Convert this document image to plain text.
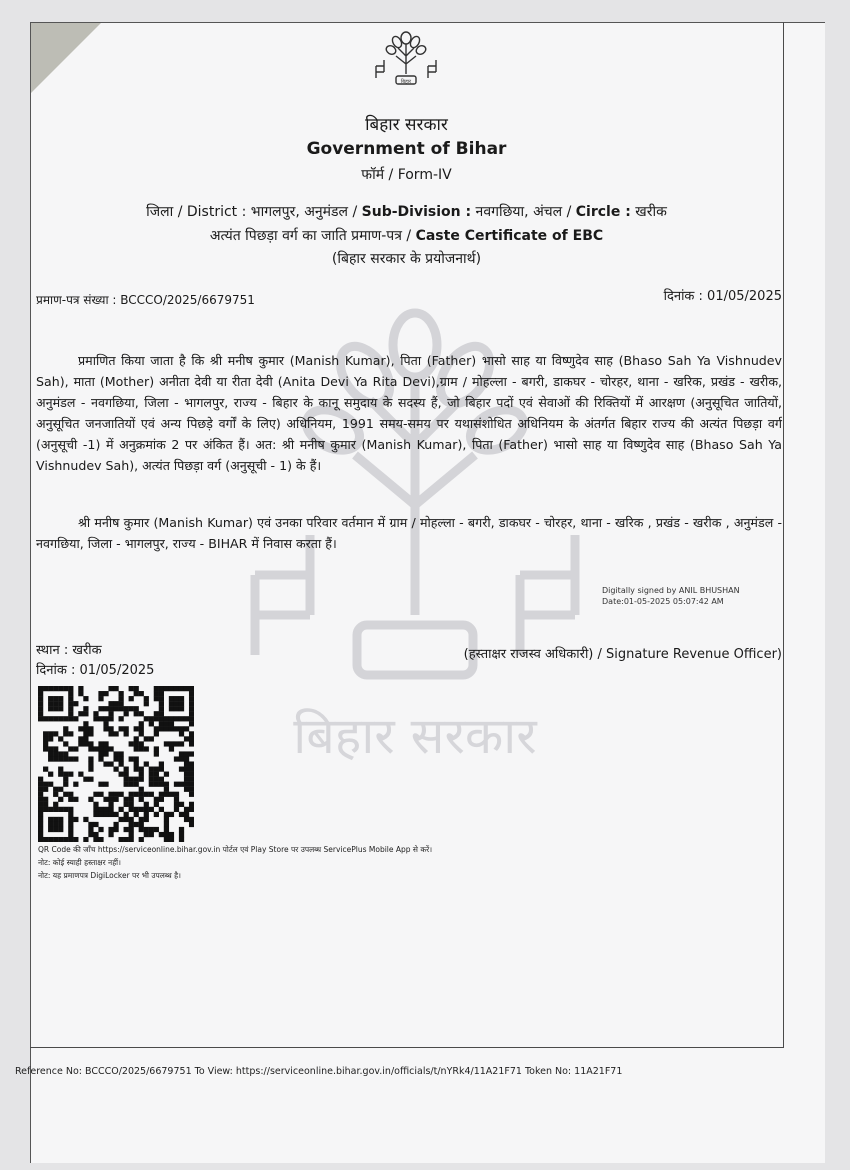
बिहार
बिहार सरकार
Government of Bihar
फॉर्म / Form-IV
जिला / District : भागलपुर, अनुमंडल / Sub-Division : नवगछिया, अंचल / Circle : खरीक
अत्यंत पिछड़ा वर्ग का जाति प्रमाण-पत्र / Caste Certificate of EBC
(बिहार सरकार के प्रयोजनार्थ)
प्रमाण-पत्र संख्या : BCCCO/2025/6679751	दिनांक : 01/05/2025
बिहार सरकार
प्रमाणित किया जाता है कि श्री मनीष कुमार (Manish Kumar), पिता (Father) भासो साह या विष्णुदेव साह (Bhaso Sah Ya Vishnudev Sah), माता (Mother) अनीता देवी या रीता देवी (Anita Devi Ya Rita Devi),ग्राम / मोहल्ला - बगरी, डाकघर - चोरहर, थाना - खरिक, प्रखंड - खरीक, अनुमंडल - नवगछिया, जिला - भागलपुर, राज्य - बिहार के कानू समुदाय के सदस्य हैं, जो बिहार पदों एवं सेवाओं की रिक्तियों में आरक्षण (अनुसूचित जातियों, अनुसूचित जनजातियों एवं अन्य पिछड़े वर्गों के लिए) अधिनियम, 1991 समय-समय पर यथासंशोधित अधिनियम के अंतर्गत बिहार राज्य की अत्यंत पिछड़ा वर्ग (अनुसूची -1) में अनुक्रमांक 2 पर अंकित हैं। अत: श्री मनीष कुमार (Manish Kumar), पिता (Father) भासो साह या विष्णुदेव साह (Bhaso Sah Ya Vishnudev Sah), अत्यंत पिछड़ा वर्ग (अनुसूची - 1) के हैं।
श्री मनीष कुमार (Manish Kumar) एवं उनका परिवार वर्तमान में ग्राम / मोहल्ला - बगरी, डाकघर - चोरहर, थाना - खरिक , प्रखंड - खरीक , अनुमंडल - नवगछिया, जिला - भागलपुर, राज्य - BIHAR में निवास करता हैं।
Digitally signed by ANIL BHUSHAN
Date:01-05-2025 05:07:42 AM
स्थान : खरीक
दिनांक : 01/05/2025
(हस्ताक्षर राजस्व अधिकारी) / Signature Revenue Officer)
QR Code की जाँच https://serviceonline.bihar.gov.in पोर्टल एवं Play Store पर उपलब्ध ServicePlus Mobile App से करें।
नोट: कोई स्याही हस्ताक्षर नहीं।
नोट: यह प्रमाणपत्र DigiLocker पर भी उपलब्ध है।
Reference No: BCCCO/2025/6679751 To View: https://serviceonline.bihar.gov.in/officials/t/nYRk4/11A21F71 Token No: 11A21F71
